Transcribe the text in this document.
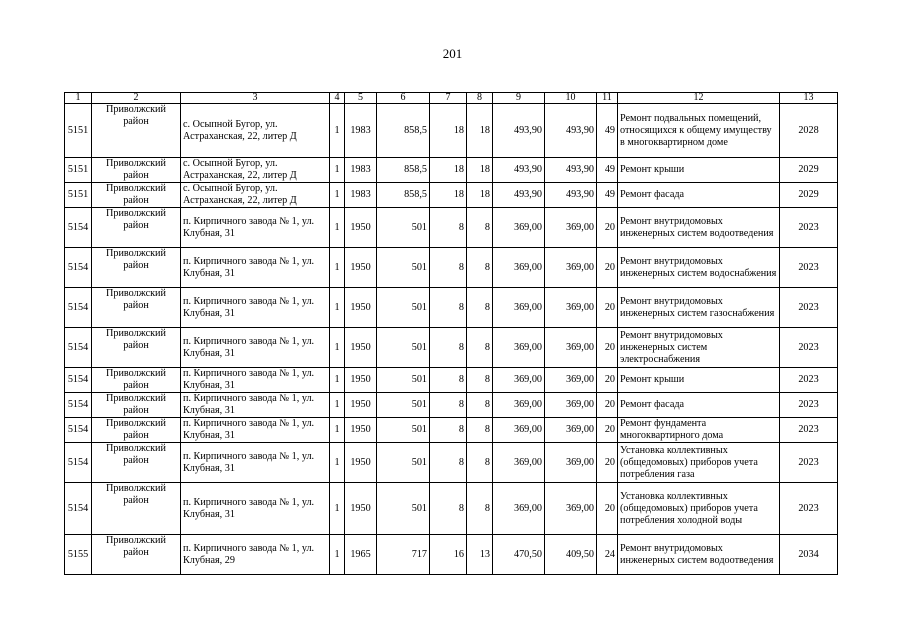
201
1	2	3	4	5	6	7	8	9	10	11	12	13
5151	Приволжский район	с. Осыпной Бугор, ул. Астраханская, 22, литер Д	1	1983	858,5	18	18	493,90	493,90	49	Ремонт подвальных помещений, относящихся к общему имуществу в многоквартирном доме	2028
5151	Приволжский район	с. Осыпной Бугор, ул. Астраханская, 22, литер Д	1	1983	858,5	18	18	493,90	493,90	49	Ремонт крыши	2029
5151	Приволжский район	с. Осыпной Бугор, ул. Астраханская, 22, литер Д	1	1983	858,5	18	18	493,90	493,90	49	Ремонт фасада	2029
5154	Приволжский район	п. Кирпичного завода № 1, ул. Клубная, 31	1	1950	501	8	8	369,00	369,00	20	Ремонт внутридомовых инженерных систем водоотведения	2023
5154	Приволжский район	п. Кирпичного завода № 1, ул. Клубная, 31	1	1950	501	8	8	369,00	369,00	20	Ремонт внутридомовых инженерных систем водоснабжения	2023
5154	Приволжский район	п. Кирпичного завода № 1, ул. Клубная, 31	1	1950	501	8	8	369,00	369,00	20	Ремонт внутридомовых инженерных систем газоснабжения	2023
5154	Приволжский район	п. Кирпичного завода № 1, ул. Клубная, 31	1	1950	501	8	8	369,00	369,00	20	Ремонт внутридомовых инженерных систем электроснабжения	2023
5154	Приволжский район	п. Кирпичного завода № 1, ул. Клубная, 31	1	1950	501	8	8	369,00	369,00	20	Ремонт крыши	2023
5154	Приволжский район	п. Кирпичного завода № 1, ул. Клубная, 31	1	1950	501	8	8	369,00	369,00	20	Ремонт фасада	2023
5154	Приволжский район	п. Кирпичного завода № 1, ул. Клубная, 31	1	1950	501	8	8	369,00	369,00	20	Ремонт фундамента многоквартирного дома	2023
5154	Приволжский район	п. Кирпичного завода № 1, ул. Клубная, 31	1	1950	501	8	8	369,00	369,00	20	Установка коллективных (общедомовых) приборов учета потребления газа	2023
5154	Приволжский район	п. Кирпичного завода № 1, ул. Клубная, 31	1	1950	501	8	8	369,00	369,00	20	Установка коллективных (общедомовых) приборов учета потребления холодной воды	2023
5155	Приволжский район	п. Кирпичного завода № 1, ул. Клубная, 29	1	1965	717	16	13	470,50	409,50	24	Ремонт внутридомовых инженерных систем водоотведения	2034
